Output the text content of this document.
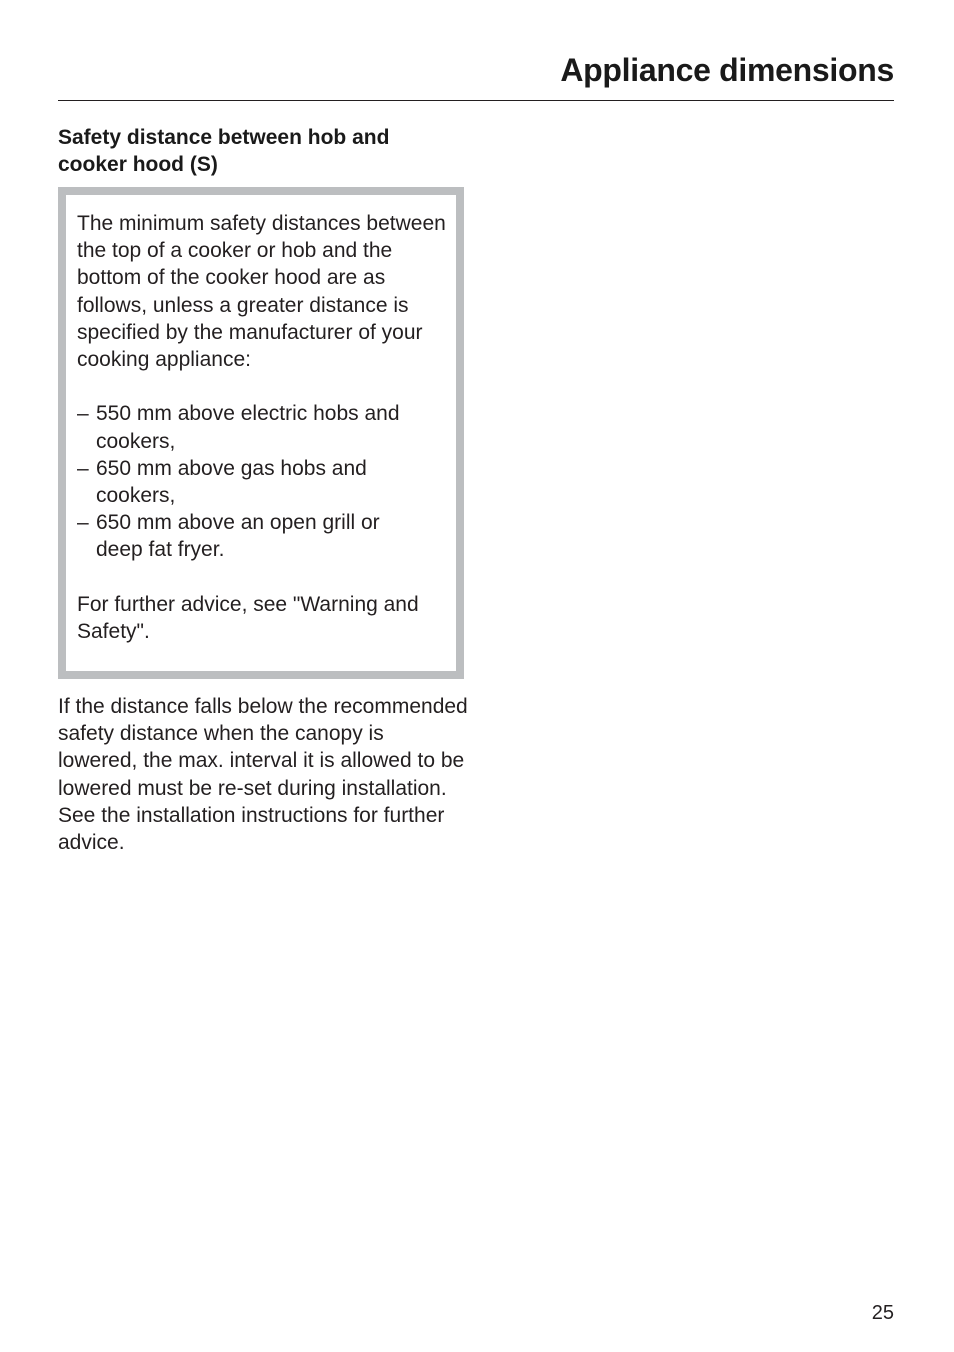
Appliance dimensions
Safety distance between hob and
cooker hood (S)

The minimum safety distances between the top of a cooker or hob and the bottom of the cooker hood are as follows, unless a greater distance is specified by the manufacturer of your cooking appliance:

– 550 mm above electric hobs and
cookers,
– 650 mm above gas hobs and
cookers,
– 650 mm above an open grill or
deep fat fryer.

For further advice, see "Warning and Safety".

If the distance falls below the recommended safety distance when the canopy is lowered, the max. interval it is allowed to be lowered must be re-set during installation. See the installation instructions for further advice.

25
